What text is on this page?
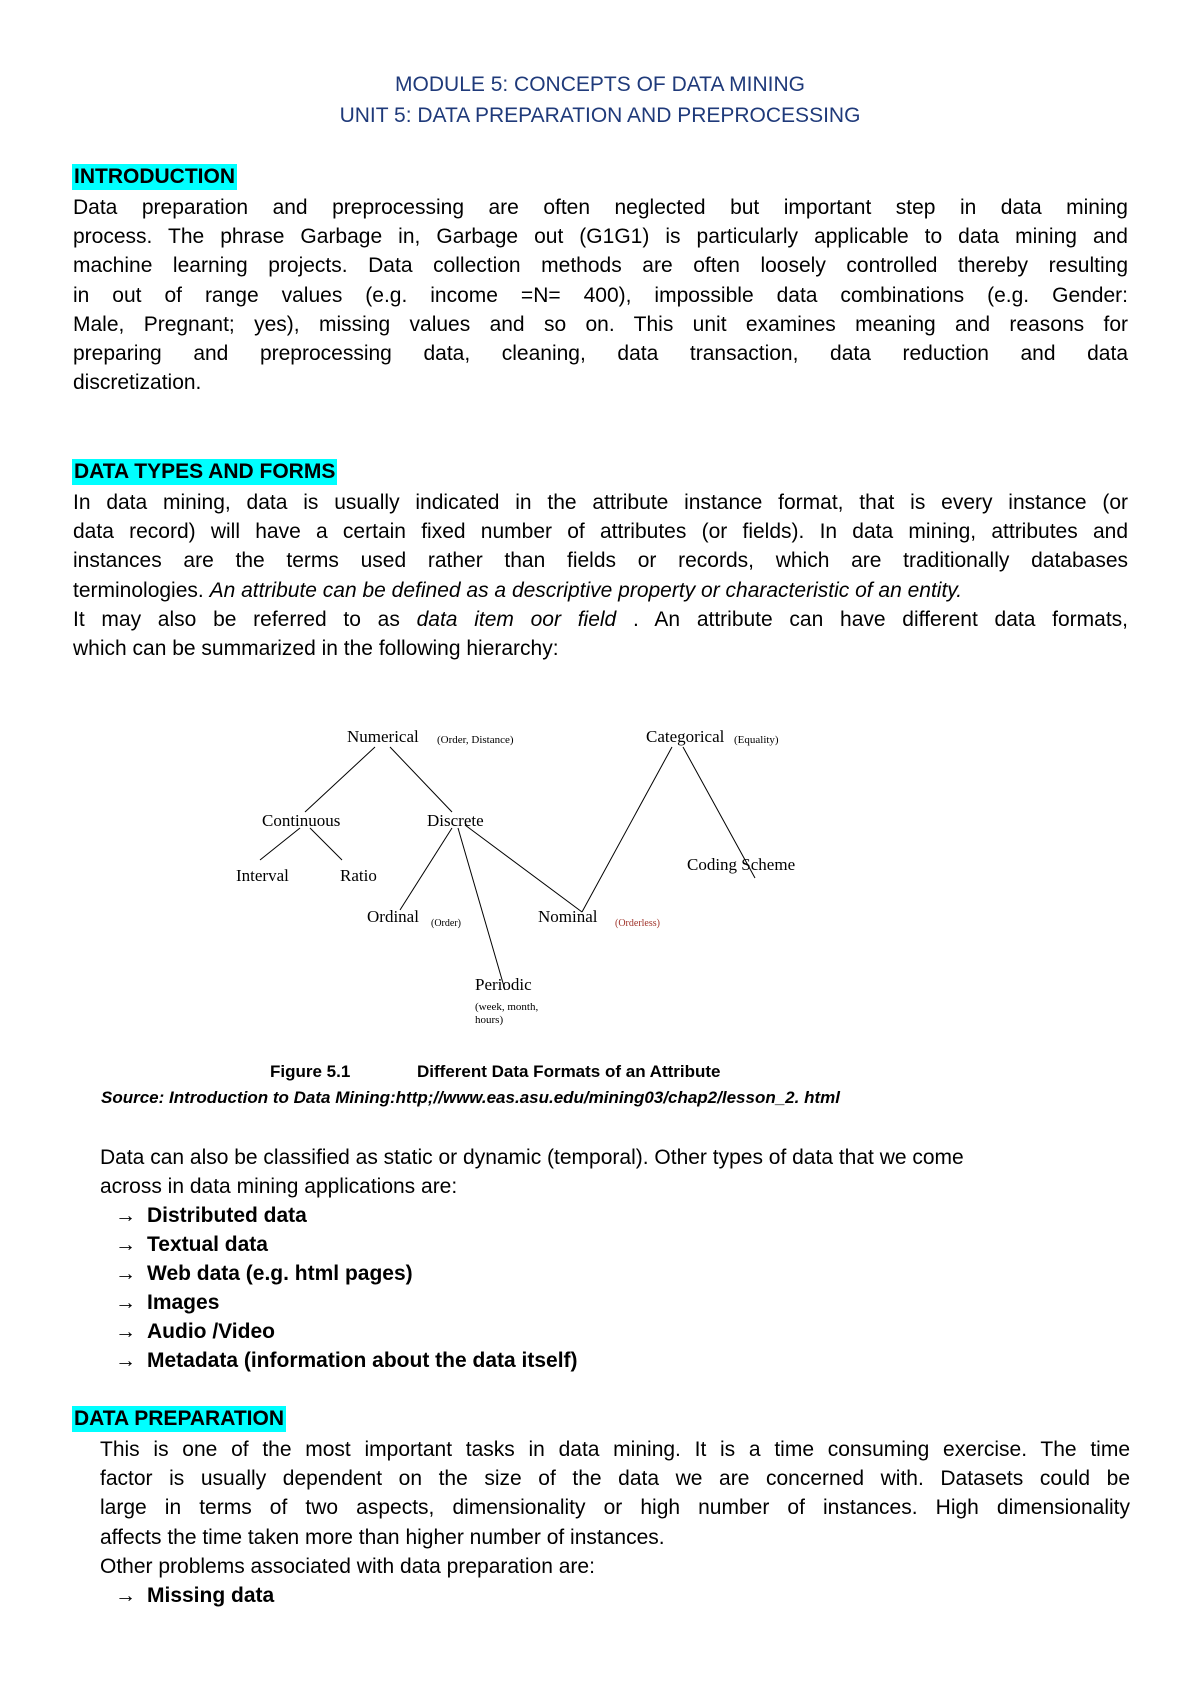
MODULE 5: CONCEPTS OF DATA MINING
UNIT 5: DATA PREPARATION AND PREPROCESSING
INTRODUCTION
Data preparation and preprocessing are often neglected but important step in data mining
process. The phrase Garbage in, Garbage out (G1G1) is particularly applicable to data mining and
machine learning projects. Data collection methods are often loosely controlled thereby resulting
in out of range values (e.g. income =N= 400), impossible data combinations (e.g. Gender:
Male, Pregnant; yes), missing values and so on. This unit examines meaning and reasons for
preparing and preprocessing data, cleaning, data transaction, data reduction and data
discretization.
DATA TYPES AND FORMS
In data mining, data is usually indicated in the attribute instance format, that is every instance (or
data record) will have a certain fixed number of attributes (or fields). In data mining, attributes and
instances are the terms used rather than fields or records, which are traditionally databases
terminologies. An attribute can be defined as a descriptive property or characteristic of an entity.
It may also be referred to as data item oor field . An attribute can have different data formats,
which can be summarized in the following hierarchy:
Numerical (Order, Distance)	Categorical (Equality)
Continuous	Discrete
Interval	Ratio
Coding Scheme
Ordinal (Order)	Nominal (Orderless)
Periodic
(week, month,
hours)
Figure 5.1	Different Data Formats of an Attribute
Source: Introduction to Data Mining:http;//www.eas.asu.edu/mining03/chap2/lesson_2. html
Data can also be classified as static or dynamic (temporal). Other types of data that we come
across in data mining applications are:
→ Distributed data
→ Textual data
→ Web data (e.g. html pages)
→ Images
→ Audio /Video
→ Metadata (information about the data itself)
DATA PREPARATION
This is one of the most important tasks in data mining. It is a time consuming exercise. The time
factor is usually dependent on the size of the data we are concerned with. Datasets could be
large in terms of two aspects, dimensionality or high number of instances. High dimensionality
affects the time taken more than higher number of instances.
Other problems associated with data preparation are:
→ Missing data
